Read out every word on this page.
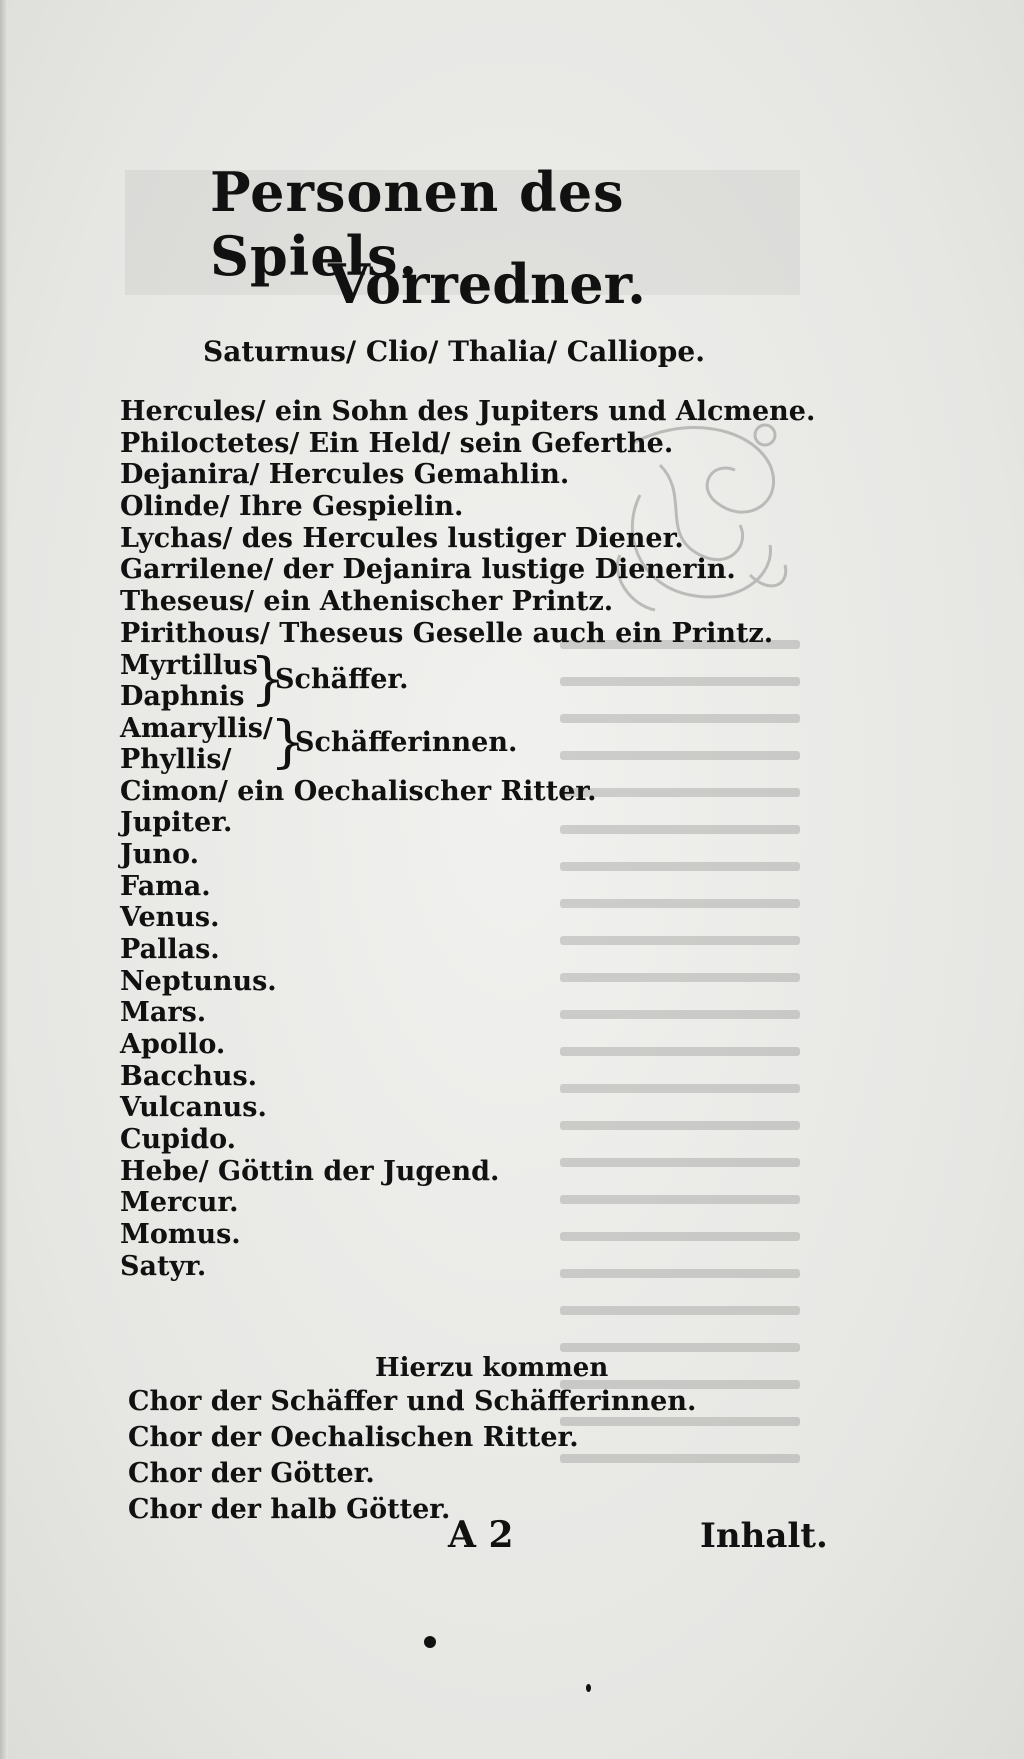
Personen des Spiels.
Vorredner.
Saturnus/ Clio/ Thalia/ Calliope.
Hercules/ ein Sohn des Jupiters und Alcmene.
Philoctetes/ Ein Held/ sein Geferthe.
Dejanira/ Hercules Gemahlin.
Olinde/ Ihre Gespielin.
Lychas/ des Hercules lustiger Diener.
Garrilene/ der Dejanira lustige Dienerin.
Theseus/ ein Athenischer Printz.
Pirithous/ Theseus Geselle auch ein Printz.
Myrtillus
Daphnis }
Schäffer.
Amaryllis/
Phyllis/ }
Schäfferinnen.
Cimon/ ein Oechalischer Ritter.
Jupiter.
Juno.
Fama.
Venus.
Pallas.
Neptunus.
Mars.
Apollo.
Bacchus.
Vulcanus.
Cupido.
Hebe/ Göttin der Jugend.
Mercur.
Momus.
Satyr.
Hierzu kommen
Chor der Schäffer und Schäfferinnen.
Chor der Oechalischen Ritter.
Chor der Götter.
Chor der halb Götter.
A 2	Inhalt.
